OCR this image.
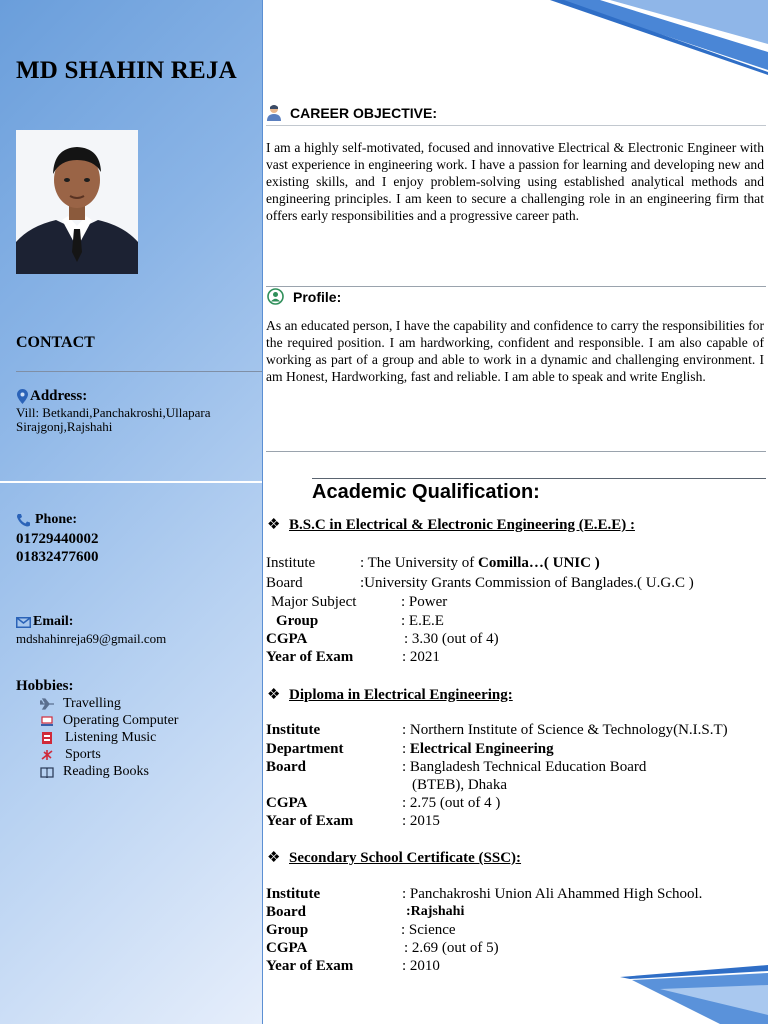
MD SHAHIN REJA
CONTACT
Address:
Vill: Betkandi,Panchakroshi,Ullapara
Sirajgonj,Rajshahi
Phone:
01729440002
01832477600
Email:
mdshahinreja69@gmail.com
Hobbies:
Travelling
Operating Computer
Listening Music
Sports
Reading Books
CAREER OBJECTIVE:
I am a highly self-motivated, focused and innovative Electrical & Electronic Engineer with vast experience in engineering work. I have a passion for learning and developing new and existing skills, and I enjoy problem-solving using established analytical methods and engineering principles. I am keen to secure a challenging role in an engineering firm that offers early responsibilities and a progressive career path.
Profile:
As an educated person, I have the capability and confidence to carry the responsibilities for the required position. I am hardworking, confident and responsible. I am also capable of working as part of a group and able to work in a dynamic and challenging environment. I am Honest, Hardworking, fast and reliable. I am able to speak and write English.
Academic Qualification:
❖ B.S.C in Electrical & Electronic Engineering (E.E.E) :
Institute	: The University of Comilla…( UNIC )
Board	:University Grants Commission of Banglades.( U.G.C )
Major Subject	: Power
Group	: E.E.E
CGPA	: 3.30 (out of 4)
Year of Exam	: 2021
❖ Diploma in Electrical Engineering:
Institute	: Northern Institute of Science & Technology(N.I.S.T)
Department	: Electrical Engineering
Board	: Bangladesh Technical Education Board
(BTEB), Dhaka
CGPA	: 2.75 (out of 4 )
Year of Exam	: 2015
❖ Secondary School Certificate (SSC):
Institute	: Panchakroshi Union Ali Ahammed High School.
Board	:Rajshahi
Group	: Science
CGPA	: 2.69 (out of 5)
Year of Exam	: 2010
